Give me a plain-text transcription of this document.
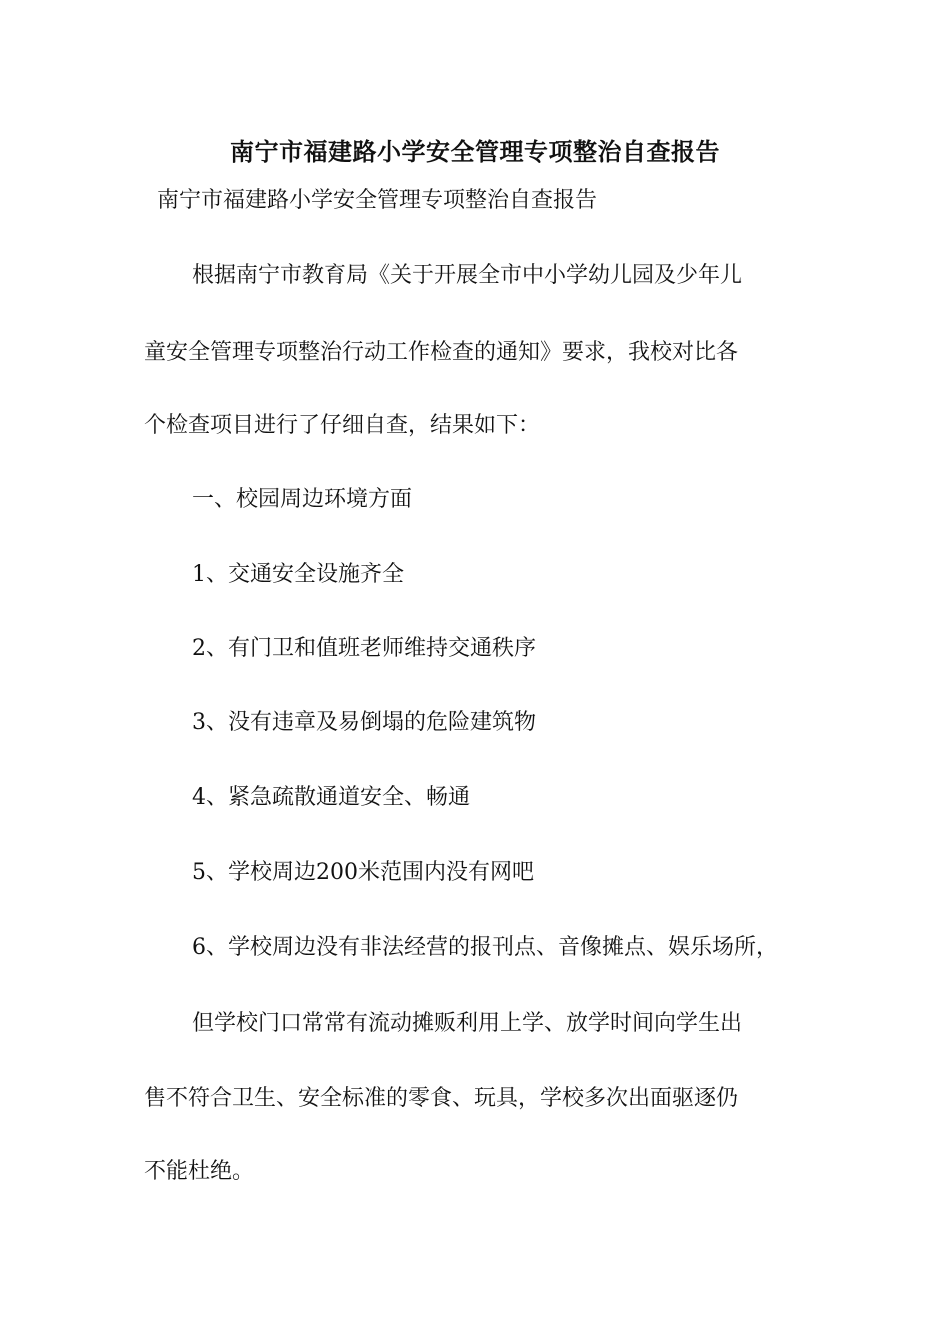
南宁市福建路小学安全管理专项整治自查报告
南宁市福建路小学安全管理专项整治自查报告
根据南宁市教育局《关于开展全市中小学幼儿园及少年儿
童安全管理专项整治行动工作检查的通知》要求，我校对比各
个检查项目进行了仔细自查，结果如下：
一、校园周边环境方面
1、交通安全设施齐全
2、有门卫和值班老师维持交通秩序
3、没有违章及易倒塌的危险建筑物
4、紧急疏散通道安全、畅通
5、学校周边200米范围内没有网吧
6、学校周边没有非法经营的报刊点、音像摊点、娱乐场所，
但学校门口常常有流动摊贩利用上学、放学时间向学生出
售不符合卫生、安全标准的零食、玩具，学校多次出面驱逐仍
不能杜绝。
